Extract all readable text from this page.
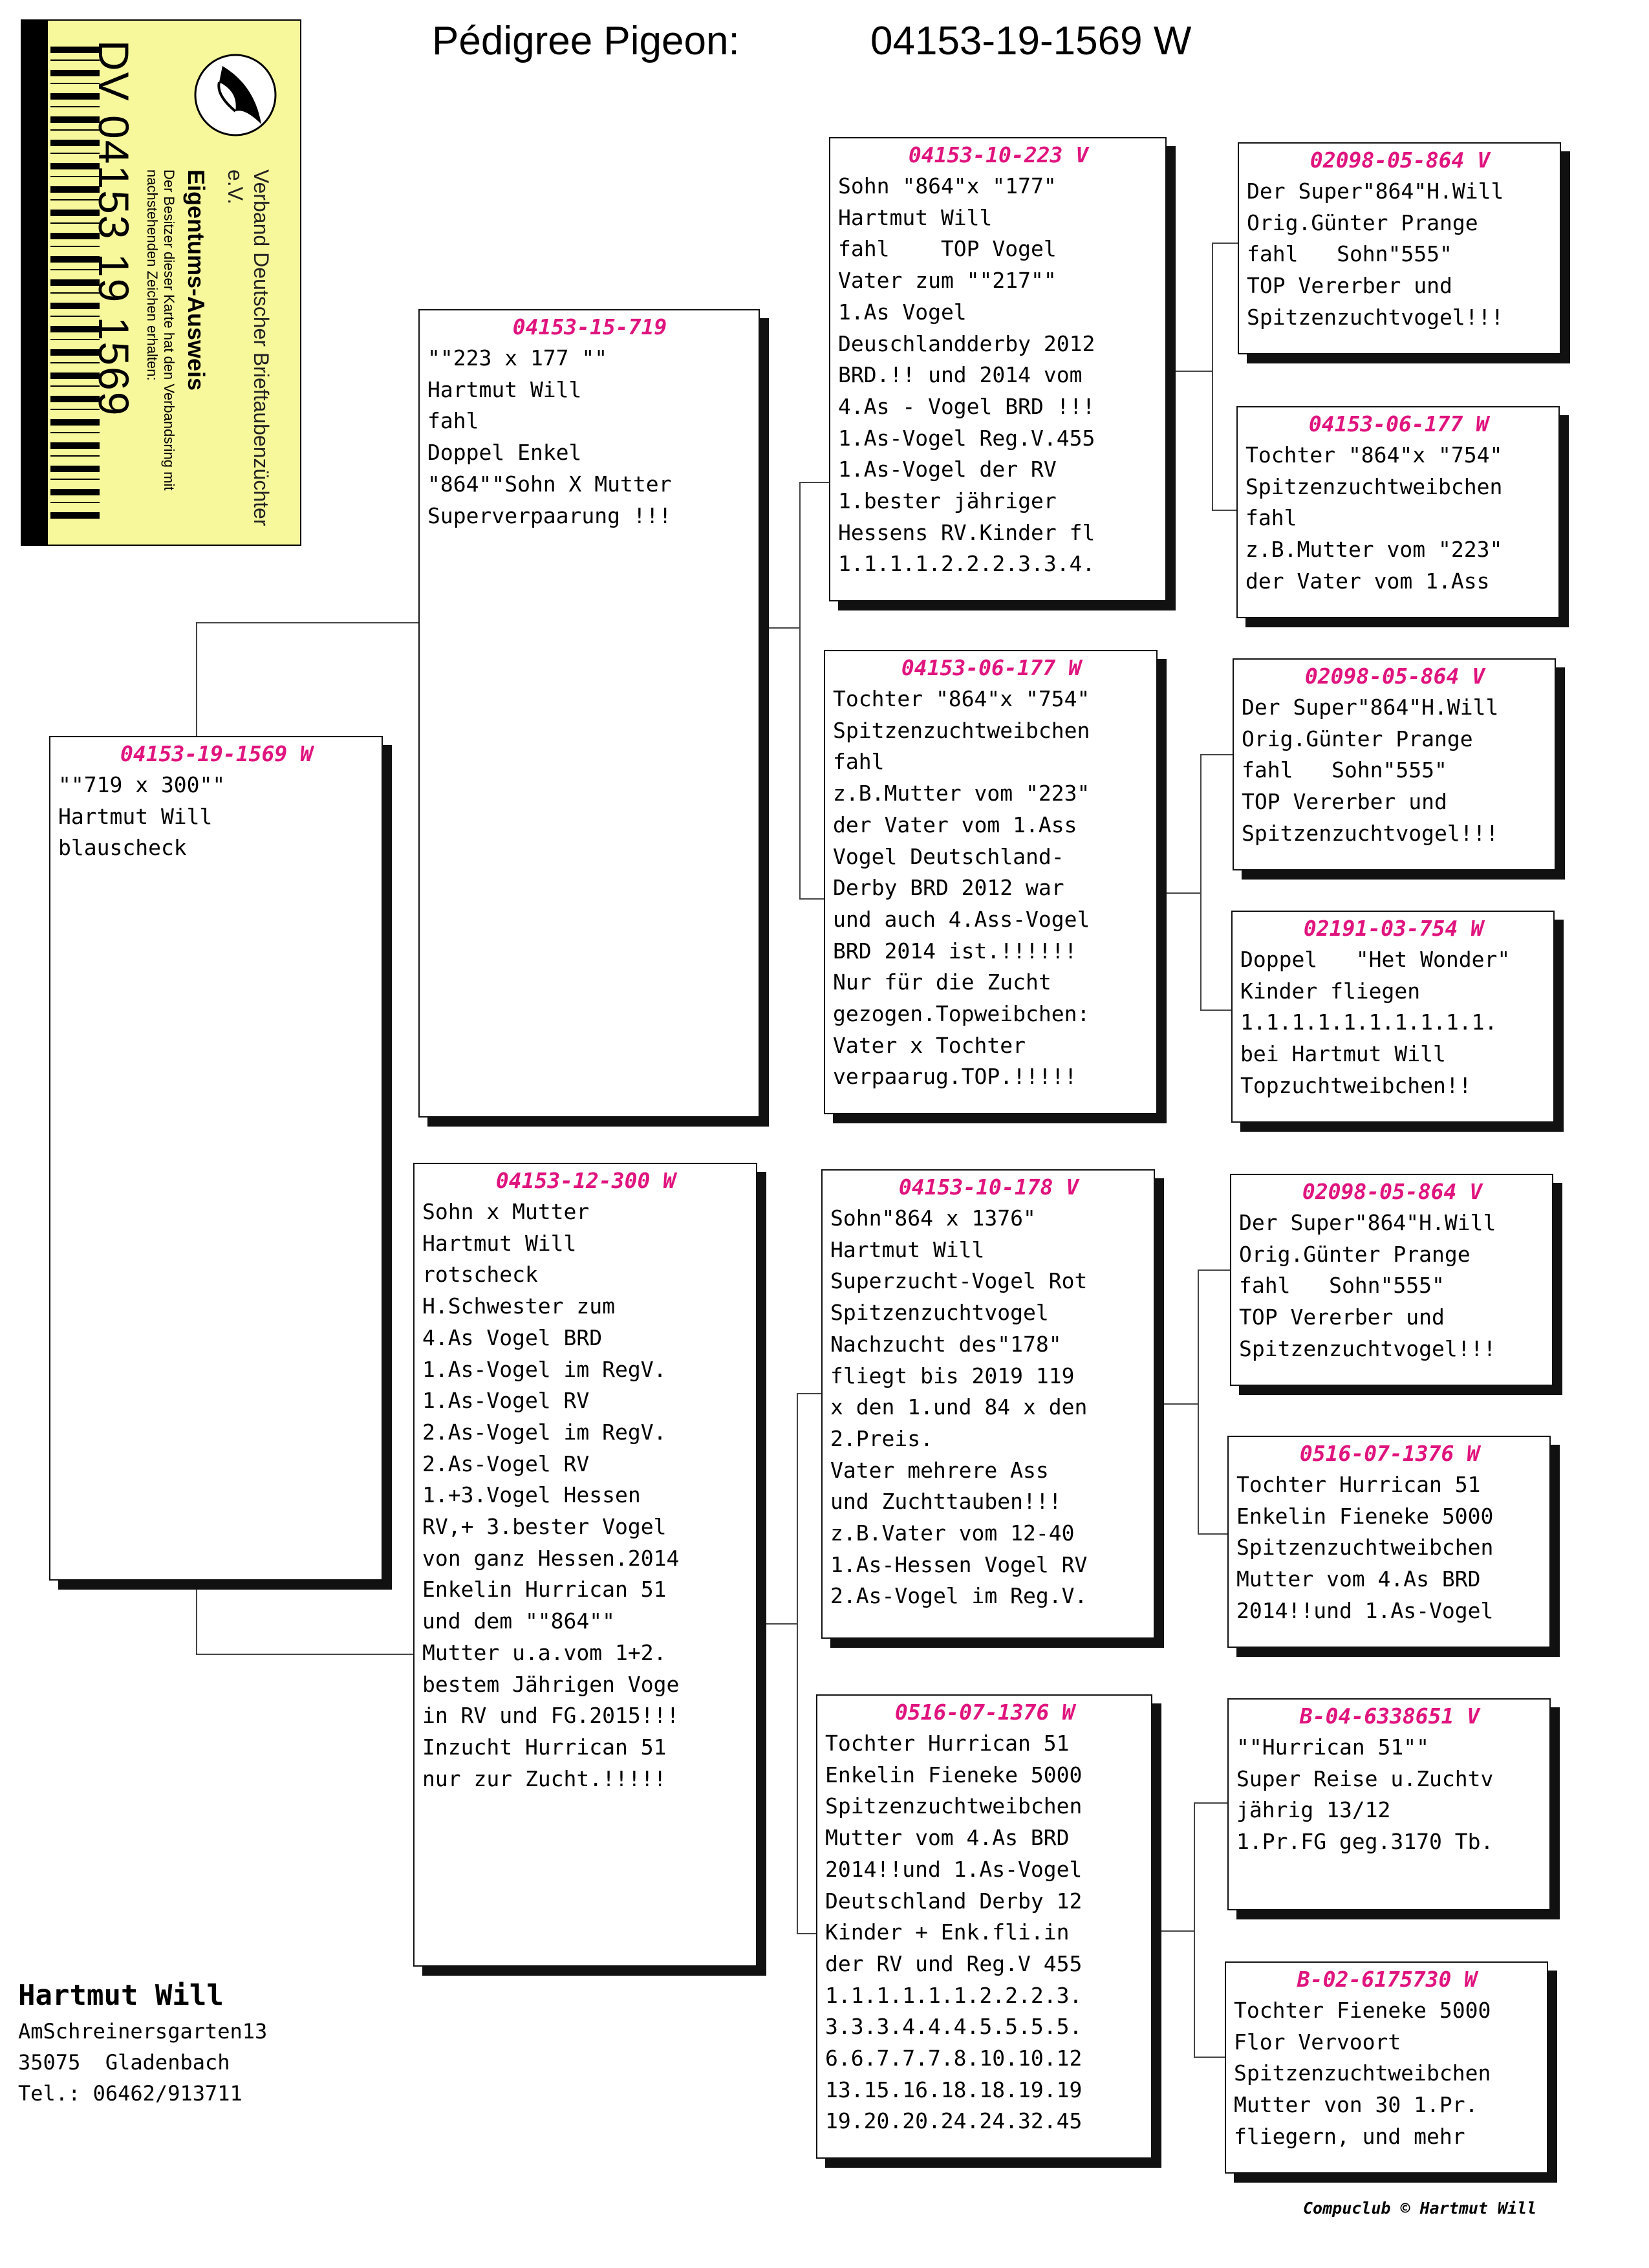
Pédigree Pigeon:	04153-19-1569 W
Verband Deutscher Brieftaubenzüchter e.V.
Eigentums-Ausweis
Der Besitzer dieser Karte hat den Verbandsring mit nachstehenden Zeichen erhalten:
DV 04153 19 1569
04153-19-1569 W
""719 x 300""
Hartmut Will
blauscheck
04153-15-719
""223 x 177 ""
Hartmut Will
fahl
Doppel Enkel
"864""Sohn X Mutter
Superverpaarung !!!
04153-12-300 W
Sohn x Mutter
Hartmut Will
rotscheck
H.Schwester zum
4.As Vogel BRD
1.As-Vogel im RegV.
1.As-Vogel RV
2.As-Vogel im RegV.
2.As-Vogel RV
1.+3.Vogel Hessen
RV,+ 3.bester Vogel
von ganz Hessen.2014
Enkelin Hurrican 51
und dem ""864""
Mutter u.a.vom 1+2.
bestem Jährigen Voge
in RV und FG.2015!!!
Inzucht Hurrican 51
nur zur Zucht.!!!!!
04153-10-223 V
Sohn "864"x "177"
Hartmut Will
fahl    TOP Vogel
Vater zum ""217""
1.As Vogel
Deuschlandderby 2012
BRD.!! und 2014 vom
4.As - Vogel BRD !!!
1.As-Vogel Reg.V.455
1.As-Vogel der RV
1.bester jähriger
Hessens RV.Kinder fl
1.1.1.1.2.2.2.3.3.4.
04153-06-177 W
Tochter "864"x "754"
Spitzenzuchtweibchen
fahl
z.B.Mutter vom "223"
der Vater vom 1.Ass
Vogel Deutschland-
Derby BRD 2012 war
und auch 4.Ass-Vogel
BRD 2014 ist.!!!!!!
Nur für die Zucht
gezogen.Topweibchen:
Vater x Tochter
verpaarug.TOP.!!!!!
04153-10-178 V
Sohn"864 x 1376"
Hartmut Will
Superzucht-Vogel Rot
Spitzenzuchtvogel
Nachzucht des"178"
fliegt bis 2019 119
x den 1.und 84 x den
2.Preis.
Vater mehrere Ass
und Zuchttauben!!!
z.B.Vater vom 12-40
1.As-Hessen Vogel RV
2.As-Vogel im Reg.V.
0516-07-1376 W
Tochter Hurrican 51
Enkelin Fieneke 5000
Spitzenzuchtweibchen
Mutter vom 4.As BRD
2014!!und 1.As-Vogel
Deutschland Derby 12
Kinder + Enk.fli.in
der RV und Reg.V 455
1.1.1.1.1.1.2.2.2.3.
3.3.3.4.4.4.5.5.5.5.
6.6.7.7.7.8.10.10.12
13.15.16.18.18.19.19
19.20.20.24.24.32.45
02098-05-864 V
Der Super"864"H.Will
Orig.Günter Prange
fahl   Sohn"555"
TOP Vererber und
Spitzenzuchtvogel!!!
04153-06-177 W
Tochter "864"x "754"
Spitzenzuchtweibchen
fahl
z.B.Mutter vom "223"
der Vater vom 1.Ass
02098-05-864 V
Der Super"864"H.Will
Orig.Günter Prange
fahl   Sohn"555"
TOP Vererber und
Spitzenzuchtvogel!!!
02191-03-754 W
Doppel   "Het Wonder"
Kinder fliegen
1.1.1.1.1.1.1.1.1.1.
bei Hartmut Will
Topzuchtweibchen!!
02098-05-864 V
Der Super"864"H.Will
Orig.Günter Prange
fahl   Sohn"555"
TOP Vererber und
Spitzenzuchtvogel!!!
0516-07-1376 W
Tochter Hurrican 51
Enkelin Fieneke 5000
Spitzenzuchtweibchen
Mutter vom 4.As BRD
2014!!und 1.As-Vogel
B-04-6338651 V
""Hurrican 51""
Super Reise u.Zuchtv
jährig 13/12
1.Pr.FG geg.3170 Tb.
B-02-6175730 W
Tochter Fieneke 5000
Flor Vervoort
Spitzenzuchtweibchen
Mutter von 30 1.Pr.
fliegern, und mehr
Hartmut Will
AmSchreinersgarten13
35075  Gladenbach
Tel.: 06462/913711
Compuclub © Hartmut Will
